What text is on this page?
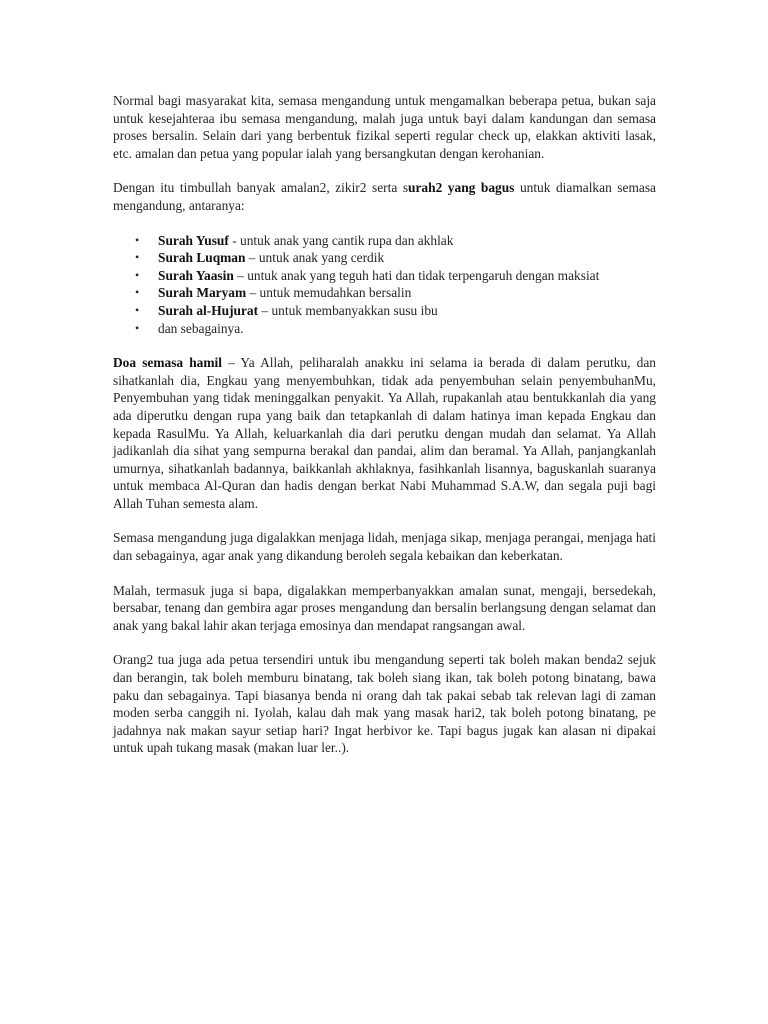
Normal bagi masyarakat kita, semasa mengandung untuk mengamalkan beberapa petua, bukan saja untuk kesejahteraa ibu semasa mengandung, malah juga untuk bayi dalam kandungan dan semasa proses bersalin. Selain dari yang berbentuk fizikal seperti regular check up, elakkan aktiviti lasak, etc. amalan dan petua yang popular ialah yang bersangkutan dengan kerohanian.

Dengan itu timbullah banyak amalan2, zikir2 serta surah2 yang bagus untuk diamalkan semasa mengandung, antaranya:

• Surah Yusuf - untuk anak yang cantik rupa dan akhlak
• Surah Luqman – untuk anak yang cerdik
• Surah Yaasin – untuk anak yang teguh hati dan tidak terpengaruh dengan maksiat
• Surah Maryam – untuk memudahkan bersalin
• Surah al-Hujurat – untuk membanyakkan susu ibu
• dan sebagainya.

Doa semasa hamil – Ya Allah, peliharalah anakku ini selama ia berada di dalam perutku, dan sihatkanlah dia, Engkau yang menyembuhkan, tidak ada penyembuhan selain penyembuhanMu, Penyembuhan yang tidak meninggalkan penyakit. Ya Allah, rupakanlah atau bentukkanlah dia yang ada diperutku dengan rupa yang baik dan tetapkanlah di dalam hatinya iman kepada Engkau dan kepada RasulMu. Ya Allah, keluarkanlah dia dari perutku dengan mudah dan selamat. Ya Allah jadikanlah dia sihat yang sempurna berakal dan pandai, alim dan beramal. Ya Allah, panjangkanlah umurnya, sihatkanlah badannya, baikkanlah akhlaknya, fasihkanlah lisannya, baguskanlah suaranya untuk membaca Al-Quran dan hadis dengan berkat Nabi Muhammad S.A.W, dan segala puji bagi Allah Tuhan semesta alam.

Semasa mengandung juga digalakkan menjaga lidah, menjaga sikap, menjaga perangai, menjaga hati dan sebagainya, agar anak yang dikandung beroleh segala kebaikan dan keberkatan.

Malah, termasuk juga si bapa, digalakkan memperbanyakkan amalan sunat, mengaji, bersedekah, bersabar, tenang dan gembira agar proses mengandung dan bersalin berlangsung dengan selamat dan anak yang bakal lahir akan terjaga emosinya dan mendapat rangsangan awal.

Orang2 tua juga ada petua tersendiri untuk ibu mengandung seperti tak boleh makan benda2 sejuk dan berangin, tak boleh memburu binatang, tak boleh siang ikan, tak boleh potong binatang, bawa paku dan sebagainya. Tapi biasanya benda ni orang dah tak pakai sebab tak relevan lagi di zaman moden serba canggih ni. Iyolah, kalau dah mak yang masak hari2, tak boleh potong binatang, pe jadahnya nak makan sayur setiap hari? Ingat herbivor ke. Tapi bagus jugak kan alasan ni dipakai untuk upah tukang masak (makan luar ler..).
